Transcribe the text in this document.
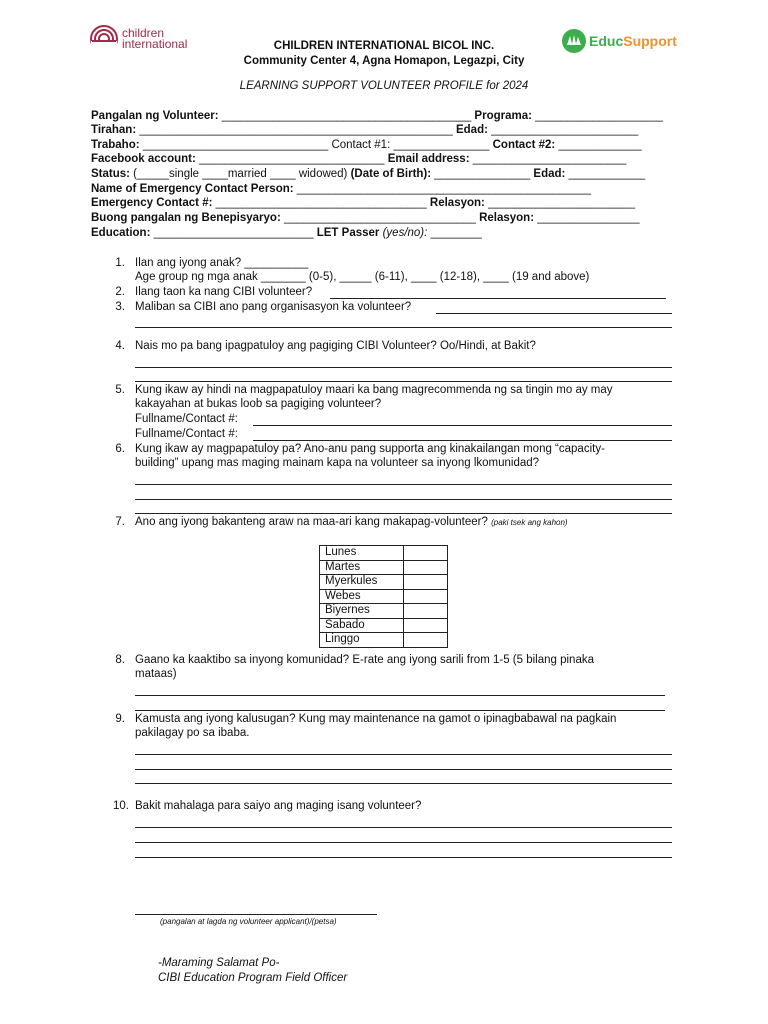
children
international	EducSupport
CHILDREN INTERNATIONAL BICOL INC.
Community Center 4, Agna Homapon, Legazpi, City
LEARNING SUPPORT VOLUNTEER PROFILE for 2024
Pangalan ng Volunteer: _______________________________________ Programa: ____________________
Tirahan: _________________________________________________ Edad: _______________________
Trabaho: _____________________________ Contact #1: _______________ Contact #2: _____________
Facebook account: _____________________________ Email address: ________________________
Status: (_____single ____married ____ widowed) (Date of Birth): _______________ Edad: ____________
Name of Emergency Contact Person: ______________________________________________
Emergency Contact #: _________________________________ Relasyon: _______________________
Buong pangalan ng Benepisyaryo: ______________________________ Relasyon: ________________
Education: _________________________ LET Passer (yes/no): ________
1. Ilan ang iyong anak? __________
Age group ng mga anak _______ (0-5), _____ (6-11), ____ (12-18), ____ (19 and above)
2. Ilang taon ka nang CIBI volunteer?
3. Maliban sa CIBI ano pang organisasyon ka volunteer?
4. Nais mo pa bang ipagpatuloy ang pagiging CIBI Volunteer? Oo/Hindi, at Bakit?
5. Kung ikaw ay hindi na magpapatuloy maari ka bang magrecommenda ng sa tingin mo ay may
kakayahan at bukas loob sa pagiging volunteer?
Fullname/Contact #:
Fullname/Contact #:
6. Kung ikaw ay magpapatuloy pa? Ano-anu pang supporta ang kinakailangan mong “capacity-
building” upang mas maging mainam kapa na volunteer sa inyong lkomunidad?
7. Ano ang iyong bakanteng araw na maa-ari kang makapag-volunteer? (paki tsek ang kahon)
Lunes	
Martes	
Myerkules	
Webes	
Biyernes	
Sabado	
Linggo	
8. Gaano ka kaaktibo sa inyong komunidad? E-rate ang iyong sarili from 1-5 (5 bilang pinaka
mataas)
9. Kamusta ang iyong kalusugan? Kung may maintenance na gamot o ipinagbabawal na pagkain
pakilagay po sa ibaba.
10. Bakit mahalaga para saiyo ang maging isang volunteer?
(pangalan at lagda ng volunteer applicant)/(petsa)
-Maraming Salamat Po-
CIBI Education Program Field Officer
